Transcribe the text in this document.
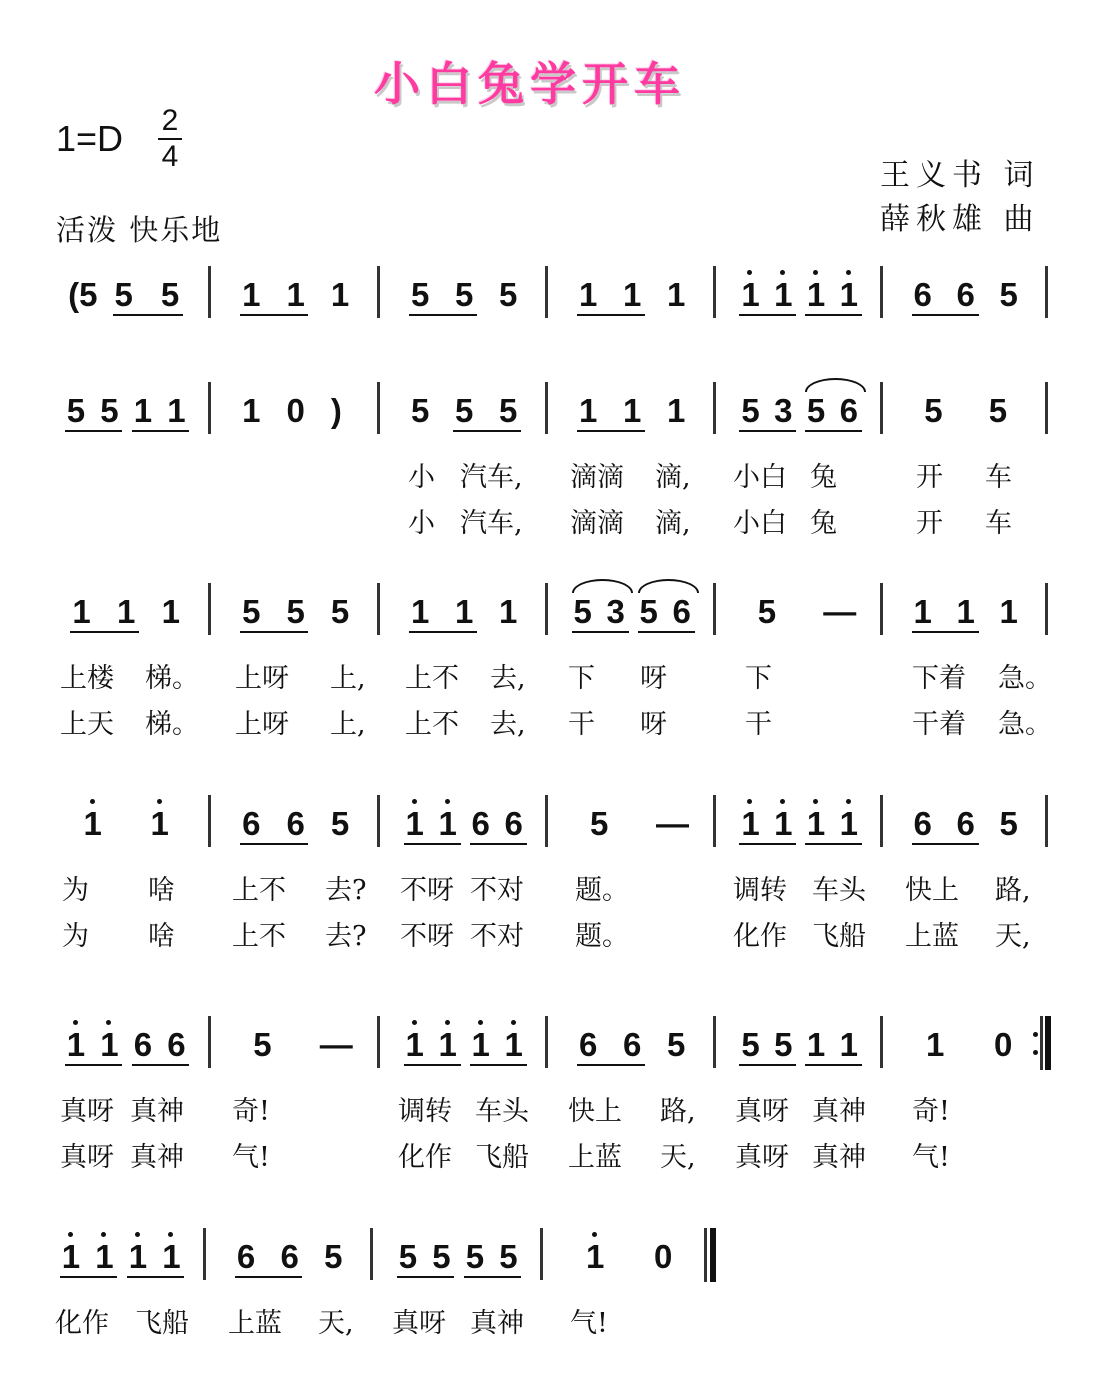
小白兔学开车
1=D 2
4
王义书 词
薛秋雄 曲
活泼 快乐地
(5 5 5 1 1 1 5 5 5 1 1 1 1 1 1 1 6 6 5
5 5 1 1 1 0 ) 5 5 5 1 1 1 5 3 5 6 5 5
小 汽车, 滴滴 滴, 小白 兔	开 车
小 汽车, 滴滴 滴, 小白 兔	开 车
1 1 1 5 5 5 1 1 1 5 3 5 6 5 — 1 1 1
上楼 梯。 上呀 上, 上不 去, 下 呀	下	下着 急。
上天 梯。 上呀 上, 上不 去, 干 呀	干	干着 急。
1 1 6 6 5 1 1 6 6 5 — 1 1 1 1 6 6 5
为 啥 上不 去? 不呀 不对 题。	调转 车头 快上 路,
为 啥 上不 去? 不呀 不对 题。	化作 飞船 上蓝 天,
1 1 6 6 5 — 1 1 1 1 6 6 5 5 5 1 1 1 0
真呀 真神 奇!	调转 车头 快上 路, 真呀 真神 奇!
真呀 真神 气!	化作 飞船 上蓝 天, 真呀 真神 气!
1 1 1 1 6 6 5 5 5 5 5 1 0
化作 飞船 上蓝 天, 真呀 真神 气!
